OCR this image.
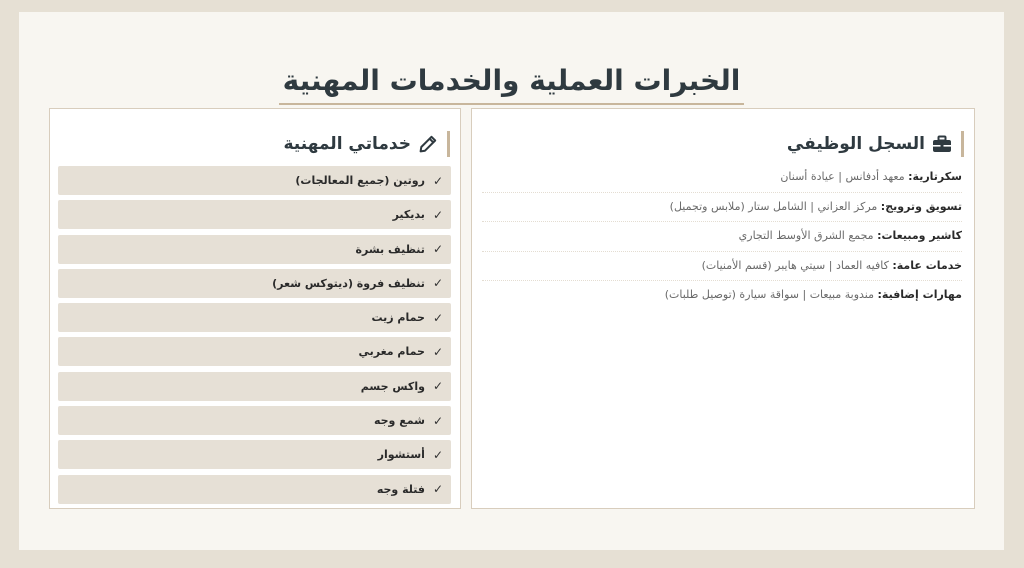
الخبرات العملية والخدمات المهنية
السجل الوظيفي
سكرتارية: معهد أدفانس | عيادة أسنان
تسويق وترويج: مركز العزاني | الشامل ستار (ملابس وتجميل)
كاشير ومبيعات: مجمع الشرق الأوسط التجاري
خدمات عامة: كافيه العماد | سيتي هايبر (قسم الأمنيات)
مهارات إضافية: مندوبة مبيعات | سواقة سيارة (توصيل طلبات)
خدماتي المهنية
✓
روتين (جميع المعالجات)
✓
بديكير
✓
تنظيف بشرة
✓
تنظيف فروة (ديتوكس شعر)
✓
حمام زيت
✓
حمام مغربي
✓
واكس جسم
✓
شمع وجه
✓
أستشوار
✓
فتلة وجه
